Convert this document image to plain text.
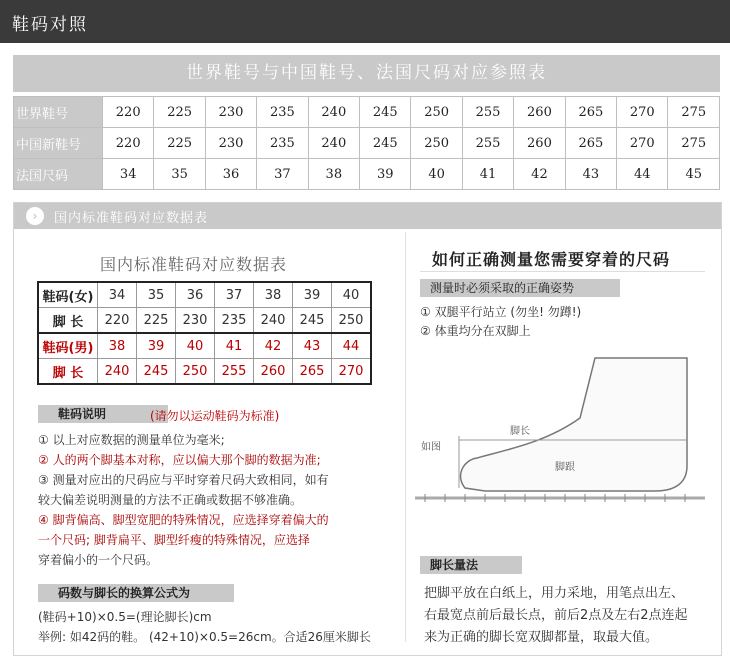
鞋码对照
世界鞋号与中国鞋号、法国尺码对应参照表
世界鞋号	220	225	230	235	240	245	250	255	260	265	270	275
中国新鞋号	220	225	230	235	240	245	250	255	260	265	270	275
法国尺码	34	35	36	37	38	39	40	41	42	43	44	45
›	国内标准鞋码对应数据表
国内标准鞋码对应数据表
鞋码(女)	34	35	36	37	38	39	40
脚 长	220	225	230	235	240	245	250
鞋码(男)	38	39	40	41	42	43	44
脚 长	240	245	250	255	260	265	270
鞋码说明	(请勿以运动鞋码为标准)
① 以上对应数据的测量单位为毫米;
② 人的两个脚基本对称，应以偏大那个脚的数据为准;
③ 测量对应出的尺码应与平时穿着尺码大致相同，如有
较大偏差说明测量的方法不正确或数据不够准确。
④ 脚背偏高、脚型宽肥的特殊情况，应选择穿着偏大的
一个尺码; 脚背扁平、脚型纤瘦的特殊情况，应选择
穿着偏小的一个尺码。
码数与脚长的换算公式为
(鞋码+10)×0.5=(理论脚长)cm
举例: 如42码的鞋。 (42+10)×0.5=26cm。合适26厘米脚长
如何正确测量您需要穿着的尺码
测量时必须采取的正确姿势
① 双腿平行站立 (勿坐! 勿蹲!)
② 体重均分在双脚上
脚长
如图
脚跟
脚长量法
把脚平放在白纸上，用力采地，用笔点出左、
右最宽点前后最长点，前后2点及左右2点连起
来为正确的脚长宽双脚都量，取最大值。
